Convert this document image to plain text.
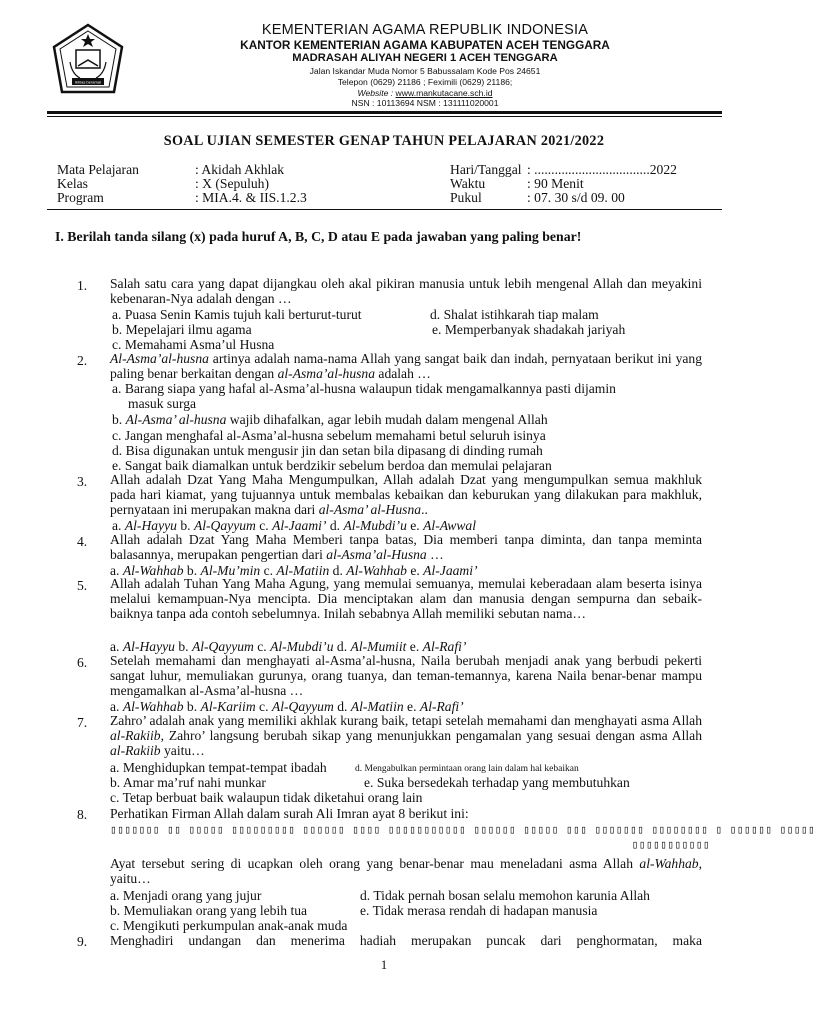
ikhlas beramal
KEMENTERIAN AGAMA REPUBLIK INDONESIA
KANTOR KEMENTERIAN AGAMA KABUPATEN ACEH TENGGARA
MADRASAH ALIYAH NEGERI 1 ACEH TENGGARA
Jalan Iskandar Muda Nomor 5 Babussalam Kode Pos 24651
Telepon (0629) 21186 ; Feximili (0629) 21186;
Website : www.mankutacane.sch.id
NSN : 10113694 NSM : 131111020001
SOAL UJIAN SEMESTER GENAP TAHUN PELAJARAN 2021/2022
Mata Pelajaran	: Akidah Akhlak
Kelas	: X (Sepuluh)
Program	: MIA.4. & IIS.1.2.3
Hari/Tanggal : ..................................2022
Waktu	: 90 Menit
Pukul	: 07. 30 s/d 09. 00
I. Berilah tanda silang (x) pada huruf A, B, C, D atau E pada jawaban yang paling benar!
1. Salah satu cara yang dapat dijangkau oleh akal pikiran manusia untuk lebih mengenal Allah dan meyakini kebenaran-Nya adalah dengan …
a. Puasa Senin Kamis tujuh kali berturut-turut	d. Shalat istihkarah tiap malam
b. Mepelajari ilmu agama	e. Memperbanyak shadakah jariyah
c. Memahami Asma’ul Husna
2. Al-Asma’al-husna artinya adalah nama-nama Allah yang sangat baik dan indah, pernyataan berikut ini yang paling benar berkaitan dengan al-Asma’al-husna adalah …
a. Barang siapa yang hafal al-Asma’al-husna walaupun tidak mengamalkannya pasti dijamin
masuk surga
b. Al-Asma’ al-husna wajib dihafalkan, agar lebih mudah dalam mengenal Allah
c. Jangan menghafal al-Asma’al-husna sebelum memahami betul seluruh isinya
d. Bisa digunakan untuk mengusir jin dan setan bila dipasang di dinding rumah
e. Sangat baik diamalkan untuk berdzikir sebelum berdoa dan memulai pelajaran
3. Allah adalah Dzat Yang Maha Mengumpulkan, Allah adalah Dzat yang mengumpulkan semua makhluk pada hari kiamat, yang tujuannya untuk membalas kebaikan dan keburukan yang dilakukan para makhluk, pernyataan ini merupakan makna dari al-Asma’ al-Husna..
a. Al-Hayyu b. Al-Qayyum c. Al-Jaami’ d. Al-Mubdi’u e. Al-Awwal
4. Allah adalah Dzat Yang Maha Memberi tanpa batas, Dia memberi tanpa diminta, dan tanpa meminta balasannya, merupakan pengertian dari al-Asma’al-Husna …
a. Al-Wahhab b. Al-Mu’min c. Al-Matiin d. Al-Wahhab e. Al-Jaami’
5. Allah adalah Tuhan Yang Maha Agung, yang memulai semuanya, memulai keberadaan alam beserta isinya melalui kemampuan-Nya mencipta. Dia menciptakan alam dan manusia dengan sempurna dan sebaik-baiknya tanpa ada contoh sebelumnya. Inilah sebabnya Allah memiliki sebutan nama…
a. Al-Hayyu b. Al-Qayyum c. Al-Mubdi’u d. Al-Mumiit e. Al-Rafi’
6. Setelah memahami dan menghayati al-Asma’al-husna, Naila berubah menjadi anak yang berbudi pekerti sangat luhur, memuliakan gurunya, orang tuanya, dan teman-temannya, karena Naila benar-benar mampu mengamalkan al-Asma’al-husna …
a. Al-Wahhab b. Al-Kariim c. Al-Qayyum d. Al-Matiin e. Al-Rafi’
7. Zahro’ adalah anak yang memiliki akhlak kurang baik, tetapi setelah memahami dan menghayati asma Allah al-Rakiib, Zahro’ langsung berubah sikap yang menunjukkan pengamalan yang sesuai dengan asma Allah al-Rakiib yaitu…
a. Menghidupkan tempat-tempat ibadah	d. Mengabulkan permintaan orang lain dalam hal kebaikan
b. Amar ma’ruf nahi munkar	e. Suka bersedekah terhadap yang membutuhkan
c. Tetap berbuat baik walaupun tidak diketahui orang lain
8. Perhatikan Firman Allah dalam surah Ali Imran ayat 8 berikut ini:
▯▯▯▯▯▯▯ ▯▯ ▯▯▯▯▯ ▯▯▯▯▯▯▯▯▯ ▯▯▯▯▯▯ ▯▯▯▯ ▯▯▯▯▯▯▯▯▯▯▯ ▯▯▯▯▯▯ ▯▯▯▯▯ ▯▯▯ ▯▯▯▯▯▯▯ ▯▯▯▯▯▯▯▯ ▯ ▯▯▯▯▯▯ ▯▯▯▯▯
▯▯▯▯▯▯▯▯▯▯▯
Ayat tersebut sering di ucapkan oleh orang yang benar-benar mau meneladani asma Allah al-Wahhab, yaitu…
a. Menjadi orang yang jujur	d. Tidak pernah bosan selalu memohon karunia Allah
b. Memuliakan orang yang lebih tua	e. Tidak merasa rendah di hadapan manusia
c. Mengikuti perkumpulan anak-anak muda
9. Menghadiri undangan dan menerima hadiah merupakan puncak dari penghormatan, maka
1
